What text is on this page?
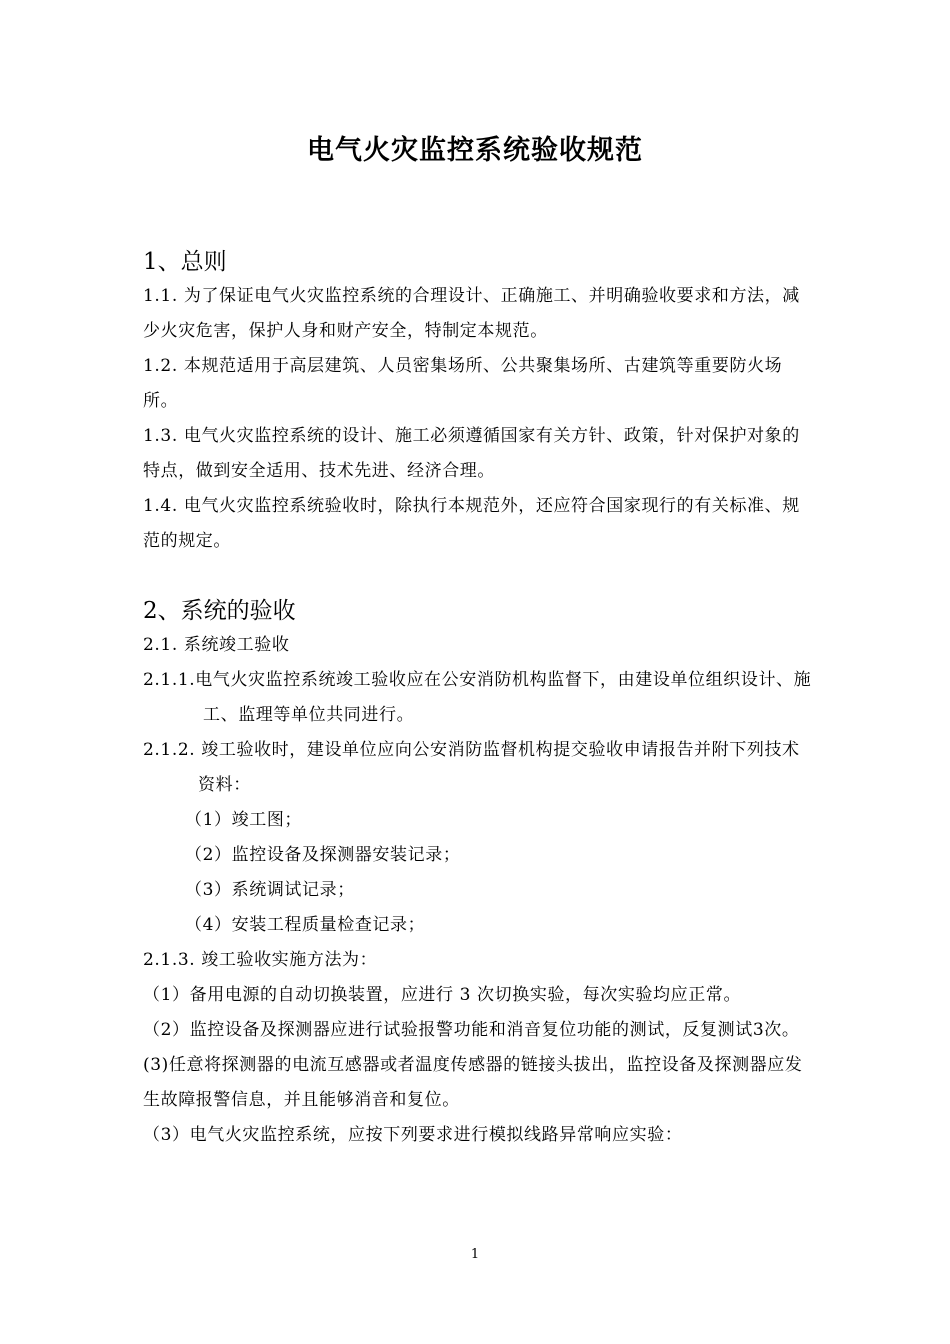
电气火灾监控系统验收规范
1、总则

1.1. 为了保证电气火灾监控系统的合理设计、正确施工、并明确验收要求和方法，减少火灾危害，保护人身和财产安全，特制定本规范。

1.2. 本规范适用于高层建筑、人员密集场所、公共聚集场所、古建筑等重要防火场所。

1.3. 电气火灾监控系统的设计、施工必须遵循国家有关方针、政策，针对保护对象的特点，做到安全适用、技术先进、经济合理。

1.4. 电气火灾监控系统验收时，除执行本规范外，还应符合国家现行的有关标准、规范的规定。

2、系统的验收

2.1. 系统竣工验收

2.1.1.电气火灾监控系统竣工验收应在公安消防机构监督下，由建设单位组织设计、施工、监理等单位共同进行。

2.1.2. 竣工验收时，建设单位应向公安消防监督机构提交验收申请报告并附下列技术资料：

（1）竣工图；

（2）监控设备及探测器安装记录；

（3）系统调试记录；

（4）安装工程质量检查记录；

2.1.3. 竣工验收实施方法为：

（1）备用电源的自动切换装置，应进行 3 次切换实验，每次实验均应正常。

（2）监控设备及探测器应进行试验报警功能和消音复位功能的测试，反复测试3次。

(3)任意将探测器的电流互感器或者温度传感器的链接头拔出，监控设备及探测器应发生故障报警信息，并且能够消音和复位。

（3）电气火灾监控系统，应按下列要求进行模拟线路异常响应实验：

1
